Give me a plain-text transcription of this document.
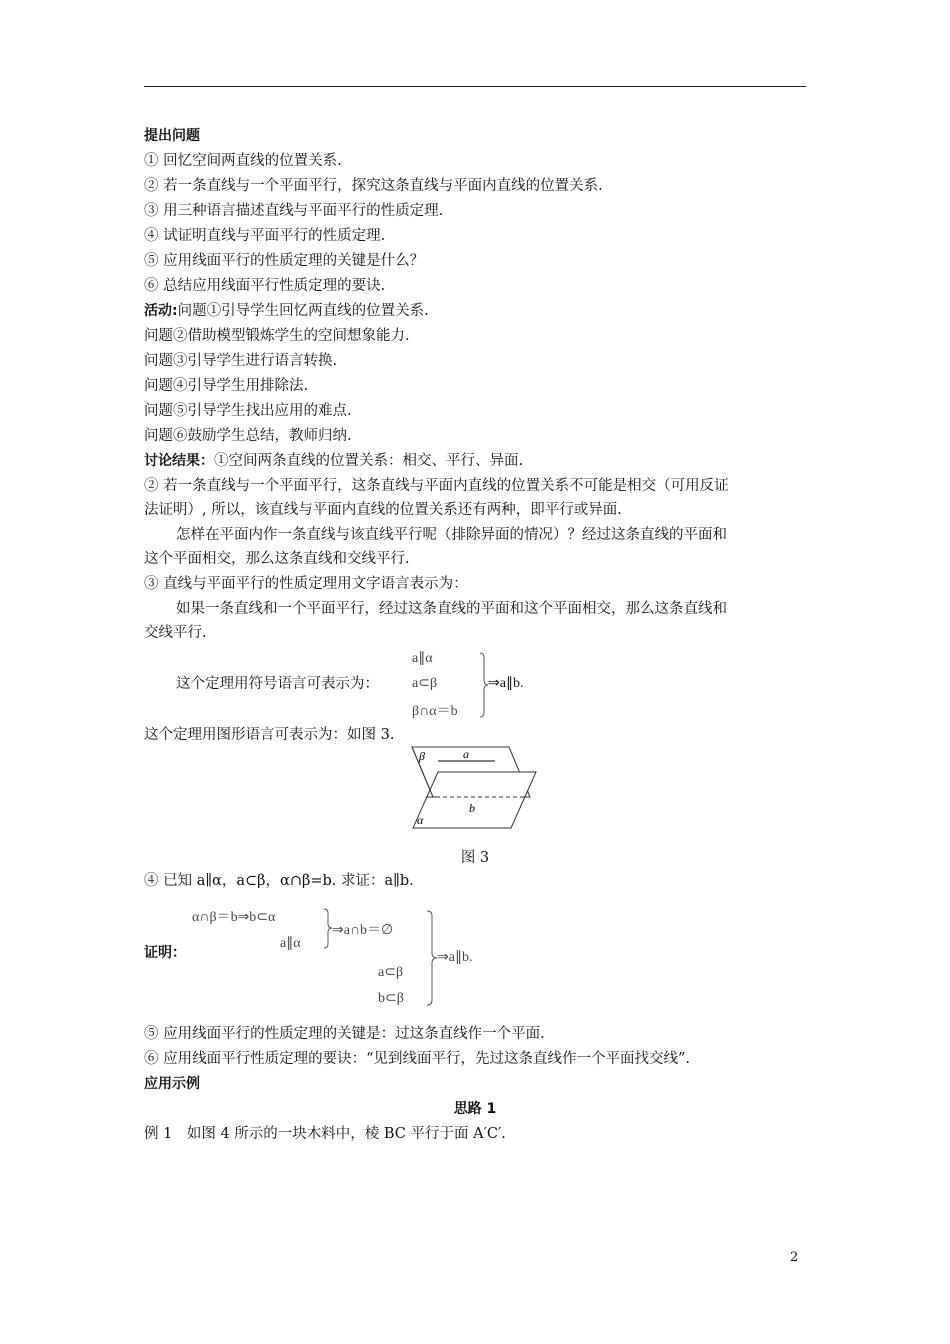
提出问题
① 回忆空间两直线的位置关系.
② 若一条直线与一个平面平行，探究这条直线与平面内直线的位置关系.
③ 用三种语言描述直线与平面平行的性质定理.
④ 试证明直线与平面平行的性质定理.
⑤ 应用线面平行的性质定理的关键是什么？
⑥ 总结应用线面平行性质定理的要诀.
活动:问题①引导学生回忆两直线的位置关系.
问题②借助模型锻炼学生的空间想象能力.
问题③引导学生进行语言转换.
问题④引导学生用排除法.
问题⑤引导学生找出应用的难点.
问题⑥鼓励学生总结，教师归纳.
讨论结果：①空间两条直线的位置关系：相交、平行、异面.
② 若一条直线与一个平面平行，这条直线与平面内直线的位置关系不可能是相交（可用反证
法证明）, 所以，该直线与平面内直线的位置关系还有两种，即平行或异面.
怎样在平面内作一条直线与该直线平行呢（排除异面的情况）？经过这条直线的平面和
这个平面相交，那么这条直线和交线平行.
③ 直线与平面平行的性质定理用文字语言表示为：
如果一条直线和一个平面平行，经过这条直线的平面和这个平面相交，那么这条直线和
交线平行.
这个定理用符号语言可表示为：
a∥α
a⊂β
β∩α＝b
⇒a∥b.
这个定理用图形语言可表示为：如图 3.
β	a
b
α
图 3
④ 已知 a∥α，a⊂β，α∩β=b. 求证：a∥b.
α∩β＝b⇒b⊂α
a∥α
⇒a∩b＝∅
证明：
a⊂β
b⊂β
⇒a∥b.
⑤ 应用线面平行的性质定理的关键是：过这条直线作一个平面.
⑥ 应用线面平行性质定理的要诀：“见到线面平行，先过这条直线作一个平面找交线”.
应用示例
思路 1
例 1　如图 4 所示的一块木料中，棱 BC 平行于面 A′C′.
2
